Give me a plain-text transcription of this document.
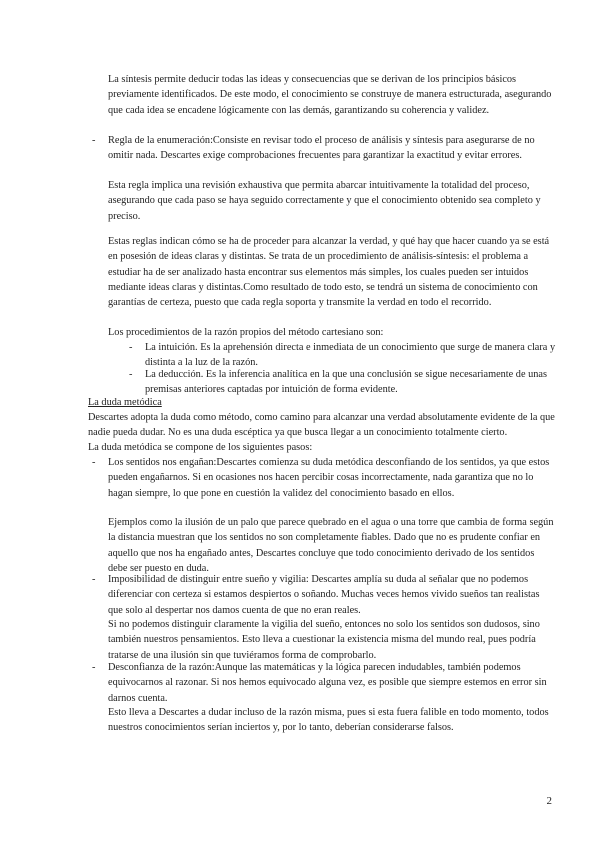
La síntesis permite deducir todas las ideas y consecuencias que se derivan de los principios básicos previamente identificados. De este modo, el conocimiento se construye de manera estructurada, asegurando que cada idea se encadene lógicamente con las demás, garantizando su coherencia y validez.

- Regla de la enumeración:Consiste en revisar todo el proceso de análisis y síntesis para asegurarse de no omitir nada. Descartes exige comprobaciones frecuentes para garantizar la exactitud y evitar errores.

Esta regla implica una revisión exhaustiva que permita abarcar intuitivamente la totalidad del proceso, asegurando que cada paso se haya seguido correctamente y que el conocimiento obtenido sea completo y preciso.

Estas reglas indican cómo se ha de proceder para alcanzar la verdad, y qué hay que hacer cuando ya se está en posesión de ideas claras y distintas. Se trata de un procedimiento de análisis-síntesis: el problema a estudiar ha de ser analizado hasta encontrar sus elementos más simples, los cuales pueden ser intuidos mediante ideas claras y distintas.Como resultado de todo esto, se tendrá un sistema de conocimiento con garantías de certeza, puesto que cada regla soporta y transmite la verdad en todo el recorrido.

Los procedimientos de la razón propios del método cartesiano son:

- La intuición. Es la aprehensión directa e inmediata de un conocimiento que surge de manera clara y distinta a la luz de la razón.

- La deducción. Es la inferencia analítica en la que una conclusión se sigue necesariamente de unas premisas anteriores captadas por intuición de forma evidente.

La duda metódica

Descartes adopta la duda como método, como camino para alcanzar una verdad absolutamente evidente de la que nadie pueda dudar. No es una duda escéptica ya que busca llegar a un conocimiento totalmente cierto.

La duda metódica se compone de los siguientes pasos:

- Los sentidos nos engañan:Descartes comienza su duda metódica desconfiando de los sentidos, ya que estos pueden engañarnos. Si en ocasiones nos hacen percibir cosas incorrectamente, nada garantiza que no lo hagan siempre, lo que pone en cuestión la validez del conocimiento basado en ellos.

Ejemplos como la ilusión de un palo que parece quebrado en el agua o una torre que cambia de forma según la distancia muestran que los sentidos no son completamente fiables. Dado que no es prudente confiar en aquello que nos ha engañado antes, Descartes concluye que todo conocimiento derivado de los sentidos debe ser puesto en duda.

- Imposibilidad de distinguir entre sueño y vigilia: Descartes amplía su duda al señalar que no podemos diferenciar con certeza si estamos despiertos o soñando. Muchas veces hemos vivido sueños tan realistas que solo al despertar nos damos cuenta de que no eran reales.

Si no podemos distinguir claramente la vigilia del sueño, entonces no solo los sentidos son dudosos, sino también nuestros pensamientos. Esto lleva a cuestionar la existencia misma del mundo real, pues podría tratarse de una ilusión sin que tuviéramos forma de comprobarlo.

- Desconfianza de la razón:Aunque las matemáticas y la lógica parecen indudables, también podemos equivocarnos al razonar. Si nos hemos equivocado alguna vez, es posible que siempre estemos en error sin darnos cuenta.

Esto lleva a Descartes a dudar incluso de la razón misma, pues si esta fuera falible en todo momento, todos nuestros conocimientos serían inciertos y, por lo tanto, deberían considerarse falsos.

2
